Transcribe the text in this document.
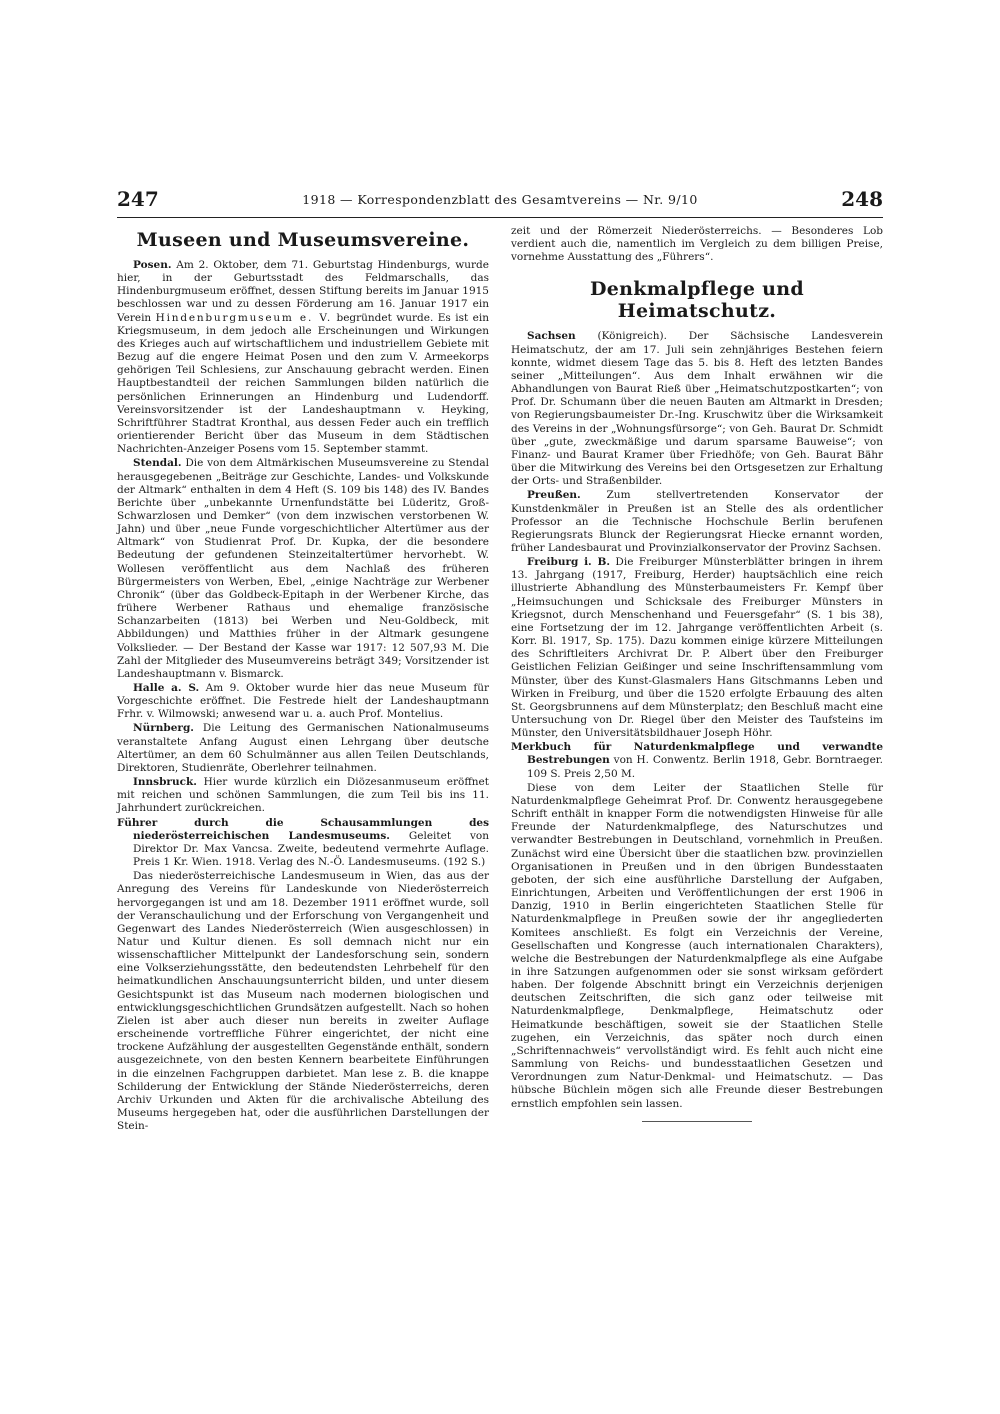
247	1918 — Korrespondenzblatt des Gesamtvereins — Nr. 9/10	248
Museen und Museumsvereine.

Posen. Am 2. Oktober, dem 71. Geburtstag Hindenburgs, wurde hier, in der Geburtsstadt des Feldmarschalls, das Hindenburgmuseum eröffnet, dessen Stiftung bereits im Januar 1915 beschlossen war und zu dessen Förderung am 16. Januar 1917 ein Verein Hindenburgmuseum e. V. begründet wurde. Es ist ein Kriegsmuseum, in dem jedoch alle Erscheinungen und Wirkungen des Krieges auch auf wirtschaftlichem und industriellem Gebiete mit Bezug auf die engere Heimat Posen und den zum V. Armeekorps gehörigen Teil Schlesiens, zur Anschauung gebracht werden. Einen Hauptbestandteil der reichen Sammlungen bilden natürlich die persönlichen Erinnerungen an Hindenburg und Ludendorff. Vereinsvorsitzender ist der Landeshauptmann v. Heyking, Schriftführer Stadtrat Kronthal, aus dessen Feder auch ein trefflich orientierender Bericht über das Museum in dem Städtischen Nachrichten-Anzeiger Posens vom 15. September stammt.

Stendal. Die von dem Altmärkischen Museumsvereine zu Stendal herausgegebenen „Beiträge zur Geschichte, Landes- und Volkskunde der Altmark“ enthalten in dem 4 Heft (S. 109 bis 148) des IV. Bandes Berichte über „unbekannte Urnenfundstätte bei Lüderitz, Groß-Schwarzlosen und Demker“ (von dem inzwischen verstorbenen W. Jahn) und über „neue Funde vorgeschichtlicher Altertümer aus der Altmark“ von Studienrat Prof. Dr. Kupka, der die besondere Bedeutung der gefundenen Steinzeitaltertümer hervorhebt. W. Wollesen veröffentlicht aus dem Nachlaß des früheren Bürgermeisters von Werben, Ebel, „einige Nachträge zur Werbener Chronik“ (über das Goldbeck-Epitaph in der Werbener Kirche, das frühere Werbener Rathaus und ehemalige französische Schanzarbeiten (1813) bei Werben und Neu-Goldbeck, mit Abbildungen) und Matthies früher in der Altmark gesungene Volkslieder. — Der Bestand der Kasse war 1917: 12 507,93 M. Die Zahl der Mitglieder des Museumvereins beträgt 349; Vorsitzender ist Landeshauptmann v. Bismarck.

Halle a. S. Am 9. Oktober wurde hier das neue Museum für Vorgeschichte eröffnet. Die Festrede hielt der Landeshauptmann Frhr. v. Wilmowski; anwesend war u. a. auch Prof. Montelius.

Nürnberg. Die Leitung des Germanischen Nationalmuseums veranstaltete Anfang August einen Lehrgang über deutsche Altertümer, an dem 60 Schulmänner aus allen Teilen Deutschlands, Direktoren, Studienräte, Oberlehrer teilnahmen.

Innsbruck. Hier wurde kürzlich ein Diözesanmuseum eröffnet mit reichen und schönen Sammlungen, die zum Teil bis ins 11. Jahrhundert zurückreichen.

Führer durch die Schausammlungen des niederösterreichischen Landesmuseums. Geleitet von Direktor Dr. Max Vancsa. Zweite, bedeutend vermehrte Auflage. Preis 1 Kr. Wien. 1918. Verlag des N.-Ö. Landesmuseums. (192 S.)

Das niederösterreichische Landesmuseum in Wien, das aus der Anregung des Vereins für Landeskunde von Niederösterreich hervorgegangen ist und am 18. Dezember 1911 eröffnet wurde, soll der Veranschaulichung und der Erforschung von Vergangenheit und Gegenwart des Landes Niederösterreich (Wien ausgeschlossen) in Natur und Kultur dienen. Es soll demnach nicht nur ein wissenschaftlicher Mittelpunkt der Landesforschung sein, sondern eine Volkserziehungsstätte, den bedeutendsten Lehrbehelf für den heimatkundlichen Anschauungsunterricht bilden, und unter diesem Gesichtspunkt ist das Museum nach modernen biologischen und entwicklungsgeschichtlichen Grundsätzen aufgestellt. Nach so hohen Zielen ist aber auch dieser nun bereits in zweiter Auflage erscheinende vortreffliche Führer eingerichtet, der nicht eine trockene Aufzählung der ausgestellten Gegenstände enthält, sondern ausgezeichnete, von den besten Kennern bearbeitete Einführungen in die einzelnen Fachgruppen darbietet. Man lese z. B. die knappe Schilderung der Entwicklung der Stände Niederösterreichs, deren Archiv Urkunden und Akten für die archivalische Abteilung des Museums hergegeben hat, oder die ausführlichen Darstellungen der Stein-

zeit und der Römerzeit Niederösterreichs. — Besonderes Lob verdient auch die, namentlich im Vergleich zu dem billigen Preise, vornehme Ausstattung des „Führers“.

Denkmalpflege und Heimatschutz.

Sachsen (Königreich). Der Sächsische Landesverein Heimatschutz, der am 17. Juli sein zehnjähriges Bestehen feiern konnte, widmet diesem Tage das 5. bis 8. Heft des letzten Bandes seiner „Mitteilungen“. Aus dem Inhalt erwähnen wir die Abhandlungen von Baurat Rieß über „Heimatschutzpostkarten“; von Prof. Dr. Schumann über die neuen Bauten am Altmarkt in Dresden; von Regierungsbaumeister Dr.-Ing. Kruschwitz über die Wirksamkeit des Vereins in der „Wohnungsfürsorge“; von Geh. Baurat Dr. Schmidt über „gute, zweckmäßige und darum sparsame Bauweise“; von Finanz- und Baurat Kramer über Friedhöfe; von Geh. Baurat Bähr über die Mitwirkung des Vereins bei den Ortsgesetzen zur Erhaltung der Orts- und Straßenbilder.

Preußen. Zum stellvertretenden Konservator der Kunstdenkmäler in Preußen ist an Stelle des als ordentlicher Professor an die Technische Hochschule Berlin berufenen Regierungsrats Blunck der Regierungsrat Hiecke ernannt worden, früher Landesbaurat und Provinzialkonservator der Provinz Sachsen.

Freiburg i. B. Die Freiburger Münsterblätter bringen in ihrem 13. Jahrgang (1917, Freiburg, Herder) hauptsächlich eine reich illustrierte Abhandlung des Münsterbaumeisters Fr. Kempf über „Heimsuchungen und Schicksale des Freiburger Münsters in Kriegsnot, durch Menschenhand und Feuersgefahr“ (S. 1 bis 38), eine Fortsetzung der im 12. Jahrgange veröffentlichten Arbeit (s. Korr. Bl. 1917, Sp. 175). Dazu kommen einige kürzere Mitteilungen des Schriftleiters Archivrat Dr. P. Albert über den Freiburger Geistlichen Felizian Geißinger und seine Inschriftensammlung vom Münster, über des Kunst-Glasmalers Hans Gitschmanns Leben und Wirken in Freiburg, und über die 1520 erfolgte Erbauung des alten St. Georgsbrunnens auf dem Münsterplatz; den Beschluß macht eine Untersuchung von Dr. Riegel über den Meister des Taufsteins im Münster, den Universitätsbildhauer Joseph Höhr.

Merkbuch für Naturdenkmalpflege und verwandte Bestrebungen von H. Conwentz. Berlin 1918, Gebr. Borntraeger. 109 S. Preis 2,50 M.

Diese von dem Leiter der Staatlichen Stelle für Naturdenkmalpflege Geheimrat Prof. Dr. Conwentz herausgegebene Schrift enthält in knapper Form die notwendigsten Hinweise für alle Freunde der Naturdenkmalpflege, des Naturschutzes und verwandter Bestrebungen in Deutschland, vornehmlich in Preußen. Zunächst wird eine Übersicht über die staatlichen bzw. provinziellen Organisationen in Preußen und in den übrigen Bundesstaaten geboten, der sich eine ausführliche Darstellung der Aufgaben, Einrichtungen, Arbeiten und Veröffentlichungen der erst 1906 in Danzig, 1910 in Berlin eingerichteten Staatlichen Stelle für Naturdenkmalpflege in Preußen sowie der ihr angegliederten Komitees anschließt. Es folgt ein Verzeichnis der Vereine, Gesellschaften und Kongresse (auch internationalen Charakters), welche die Bestrebungen der Naturdenkmalpflege als eine Aufgabe in ihre Satzungen aufgenommen oder sie sonst wirksam gefördert haben. Der folgende Abschnitt bringt ein Verzeichnis derjenigen deutschen Zeitschriften, die sich ganz oder teilweise mit Naturdenkmalpflege, Denkmalpflege, Heimatschutz oder Heimatkunde beschäftigen, soweit sie der Staatlichen Stelle zugehen, ein Verzeichnis, das später noch durch einen „Schriftennachweis“ vervollständigt wird. Es fehlt auch nicht eine Sammlung von Reichs- und bundesstaatlichen Gesetzen und Verordnungen zum Natur-Denkmal- und Heimatschutz. — Das hübsche Büchlein mögen sich alle Freunde dieser Bestrebungen ernstlich empfohlen sein lassen.
